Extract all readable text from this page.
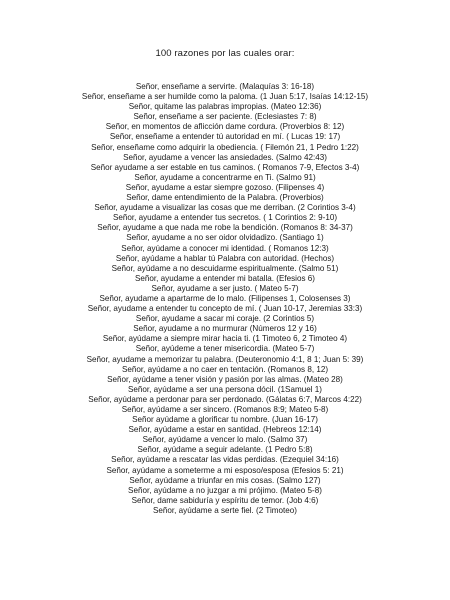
100 razones por las cuales orar:
Señor, enseñame a servirte. (Malaquías 3: 16-18)
Señor, enseñame a ser humilde como la paloma. (1 Juan 5:17, Isaías 14:12-15)
Señor, quitame las palabras impropias. (Mateo 12:36)
Señor, enseñame a ser paciente. (Eclesiastes 7: 8)
Señor, en momentos de aflicción dame cordura. (Proverbios 8: 12)
Señor, enseñame a entender tú autoridad en mí. ( Lucas 19: 17)
Señor, enseñame como adquirir la obediencia. ( Filemón 21, 1 Pedro 1:22)
Señor, ayudame a vencer las ansiedades. (Salmo 42:43)
Señor ayudame a ser estable en tus caminos. ( Romanos 7-9, Efectos 3-4)
Señor, ayudame a concentrarme en Ti. (Salmo 91)
Señor, ayudame a estar siempre gozoso. (Filipenses 4)
Señor, dame entendimiento de la Palabra. (Proverbios)
Señor, ayudame a visualizar las cosas que me derriban. (2 Corintios 3-4)
Señor, ayudame a entender tus secretos. ( 1 Corintios 2: 9-10)
Señor, ayudame a que nada me robe la bendición. (Romanos 8: 34-37)
Señor, ayudame a no ser oidor olvidadizo. (Santiago 1)
Señor, ayúdame a conocer mi identidad. ( Romanos 12:3)
Señor, ayúdame a hablar tú Palabra con autoridad. (Hechos)
Señor, ayúdame a no descuidarme espiritualmente. (Salmo 51)
Señor, ayudame a entender mi batalla. (Efesios 6)
Señor, ayudame a ser justo. ( Mateo 5-7)
Señor, ayudame a apartarme de lo malo. (Filipenses 1, Colosenses 3)
Señor, ayudame a entender tu concepto de mí. ( Juan 10-17, Jeremias 33:3)
Señor, ayudame a sacar mi coraje. (2 Corintios 5)
Señor, ayudame a no murmurar (Números 12 y 16)
Señor, ayúdame a siempre mirar hacia ti. (1 Timoteo 6, 2 Timoteo 4)
Señor, ayúdeme a tener misericordia. (Mateo 5-7)
Señor, ayudame a memorizar tu palabra. (Deuteronomio 4:1, 8 1; Juan 5: 39)
Señor, ayúdame a no caer en tentación. (Romanos 8, 12)
Señor, ayúdame a tener visión y pasión por las almas. (Mateo 28)
Señor, ayúdame a ser una persona dócil. (1Samuel 1)
Señor, ayúdame a perdonar para ser perdonado. (Gálatas 6:7, Marcos 4:22)
Señor, ayúdame a ser sincero. (Romanos 8:9; Mateo 5-8)
Señor ayúdame a glorificar tu nombre. (Juan 16-17)
Señor, ayúdame a estar en santidad. (Hebreos 12:14)
Señor, ayúdame a vencer lo malo. (Salmo 37)
Señor, ayúdame a seguir adelante. (1 Pedro 5:8)
Señor, ayúdame a rescatar las vidas perdidas. (Ezequiel 34:16)
Señor, ayúdame a someterme a mi esposo/esposa (Efesios 5: 21)
Señor, ayúdame a triunfar en mis cosas. (Salmo 127)
Señor, ayúdame a no juzgar a mi prójimo. (Mateo 5-8)
Señor, dame sabiduría y espíritu de temor. (Job 4:6)
Señor, ayúdame a serte fiel. (2 Timoteo)
